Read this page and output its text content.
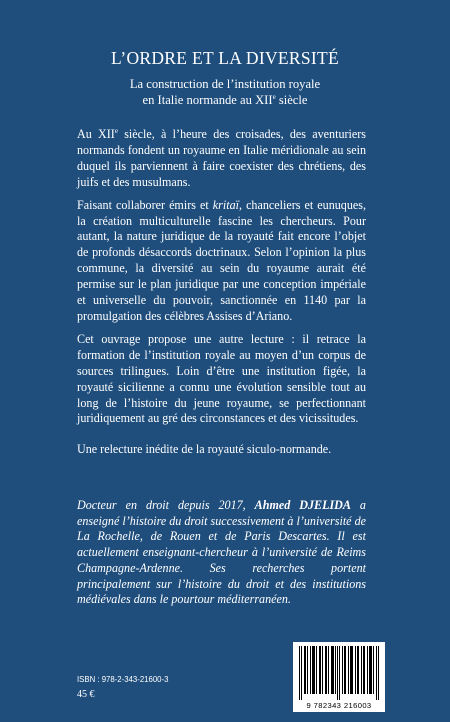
L’ORDRE ET LA DIVERSITÉ
La construction de l’institution royale
en Italie normande au XIIe siècle

Au XIIe siècle, à l’heure des croisades, des aventuriers normands fondent un royaume en Italie méridionale au sein duquel ils parviennent à faire coexister des chrétiens, des juifs et des musulmans.

Faisant collaborer émirs et kritaï, chanceliers et eunuques, la création multiculturelle fascine les chercheurs. Pour autant, la nature juridique de la royauté fait encore l’objet de profonds désaccords doctrinaux. Selon l’opinion la plus commune, la diversité au sein du royaume aurait été permise sur le plan juridique par une conception impériale et universelle du pouvoir, sanctionnée en 1140 par la promulgation des célèbres Assises d’Ariano.

Cet ouvrage propose une autre lecture : il retrace la formation de l’institution royale au moyen d’un corpus de sources trilingues. Loin d’être une institution figée, la royauté sicilienne a connu une évolution sensible tout au long de l’histoire du jeune royaume, se perfectionnant juridiquement au gré des circonstances et des vicissitudes.

Une relecture inédite de la royauté siculo-normande.
Docteur en droit depuis 2017, Ahmed DJELIDA a enseigné l’histoire du droit successivement à l’université de La Rochelle, de Rouen et de Paris Descartes. Il est actuellement enseignant-chercheur à l’université de Reims Champagne-Ardenne. Ses recherches portent principalement sur l’histoire du droit et des institutions médiévales dans le pourtour méditerranéen.
ISBN : 978-2-343-21600-3
45 €
9 782343 216003
